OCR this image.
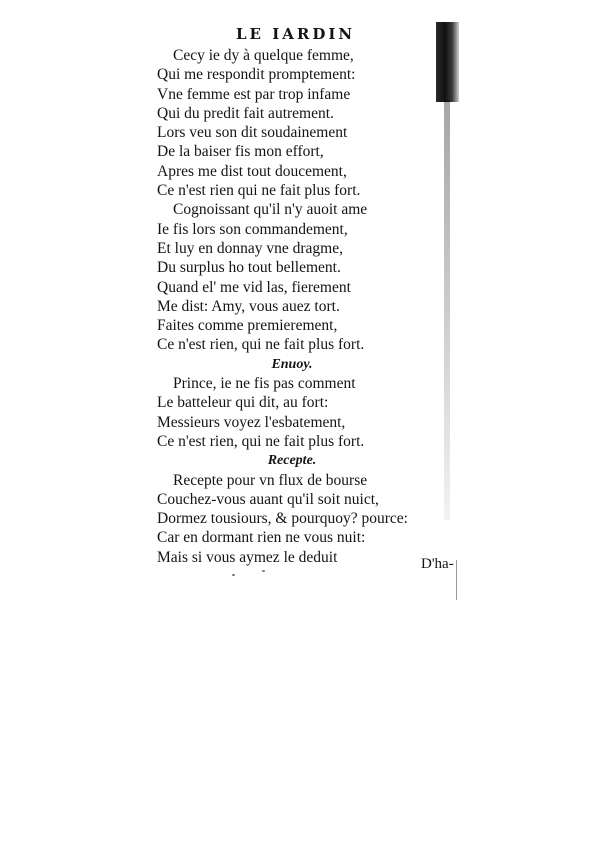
LE IARDIN
Cecy ie dy à quelque femme,
Qui me respondit promptement:
Vne femme est par trop infame
Qui du predit fait autrement.
Lors veu son dit soudainement
De la baiser fis mon effort,
Apres me dist tout doucement,
Ce n'est rien qui ne fait plus fort.
Cognoissant qu'il n'y auoit ame
Ie fis lors son commandement,
Et luy en donnay vne dragme,
Du surplus ho tout bellement.
Quand el' me vid las, fierement
Me dist: Amy, vous auez tort.
Faites comme premierement,
Ce n'est rien, qui ne fait plus fort.
Enuoy.
Prince, ie ne fis pas comment
Le batteleur qui dit, au fort:
Messieurs voyez l'esbatement,
Ce n'est rien, qui ne fait plus fort.
Recepte.
Recepte pour vn flux de bourse
Couchez-vous auant qu'il soit nuict,
Dormez tousiours, & pourquoy? pource:
Car en dormant rien ne vous nuit:
Mais si vous aymez le deduit	D'ha-
